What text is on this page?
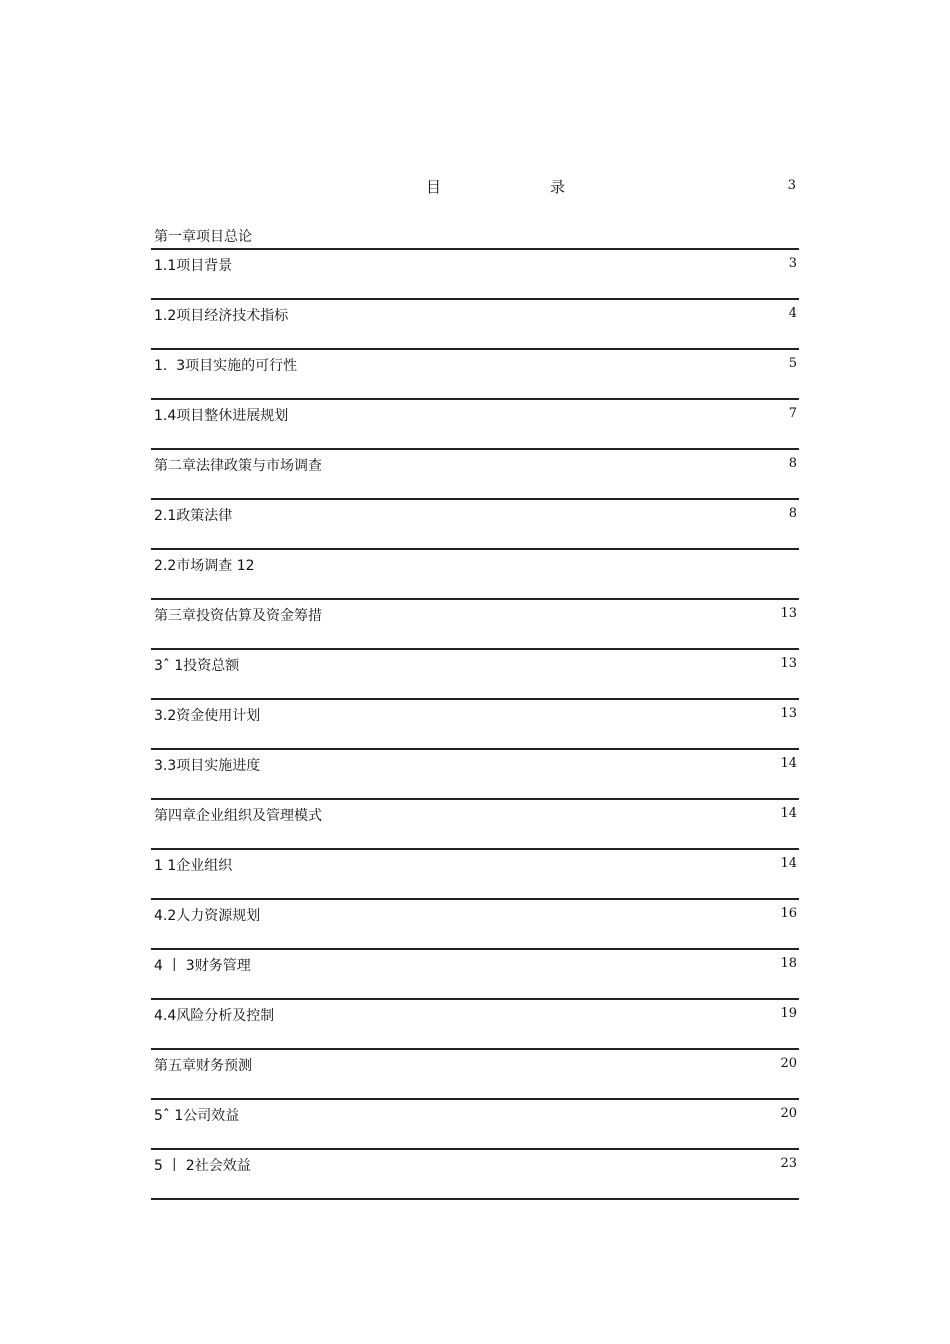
目	录	3
第一章项目总论
1.1项目背景	3
1.2项目经济技术指标	4
1.  3项目实施的可行性	5
1.4项目整休进展规划	7
第二章法律政策与市场调查	8
2.1政策法律	8
2.2市场调查 12
第三章投资估算及资金筹措	13
3ˆ 1投资总额	13
3.2资金使用计划	13
3.3项目实施进度	14
第四章企业组织及管理模式	14
1 1企业组织	14
4.2人力资源规划	16
4 丨 3财务管理	18
4.4风险分析及控制	19
第五章财务预测	20
5ˆ 1公司效益	20
5 丨 2社会效益	23
